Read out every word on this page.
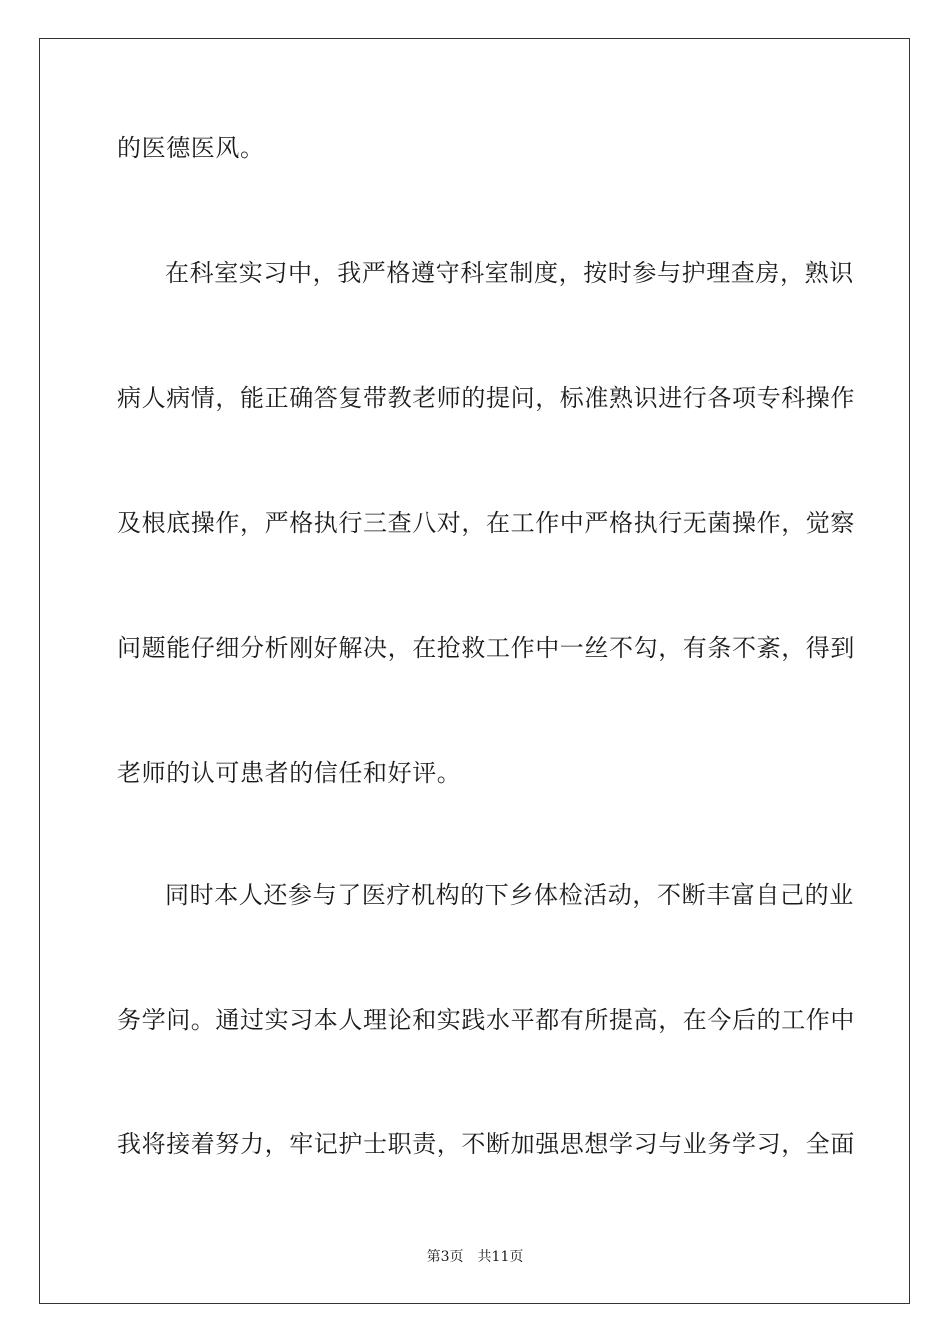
的医德医风。
在科室实习中，我严格遵守科室制度，按时参与护理查房，熟识
病人病情，能正确答复带教老师的提问，标准熟识进行各项专科操作
及根底操作，严格执行三查八对，在工作中严格执行无菌操作，觉察
问题能仔细分析刚好解决，在抢救工作中一丝不勾，有条不紊，得到
老师的认可患者的信任和好评。
同时本人还参与了医疗机构的下乡体检活动，不断丰富自己的业
务学问。通过实习本人理论和实践水平都有所提高，在今后的工作中
我将接着努力，牢记护士职责，不断加强思想学习与业务学习，全面
第3页 共11页
